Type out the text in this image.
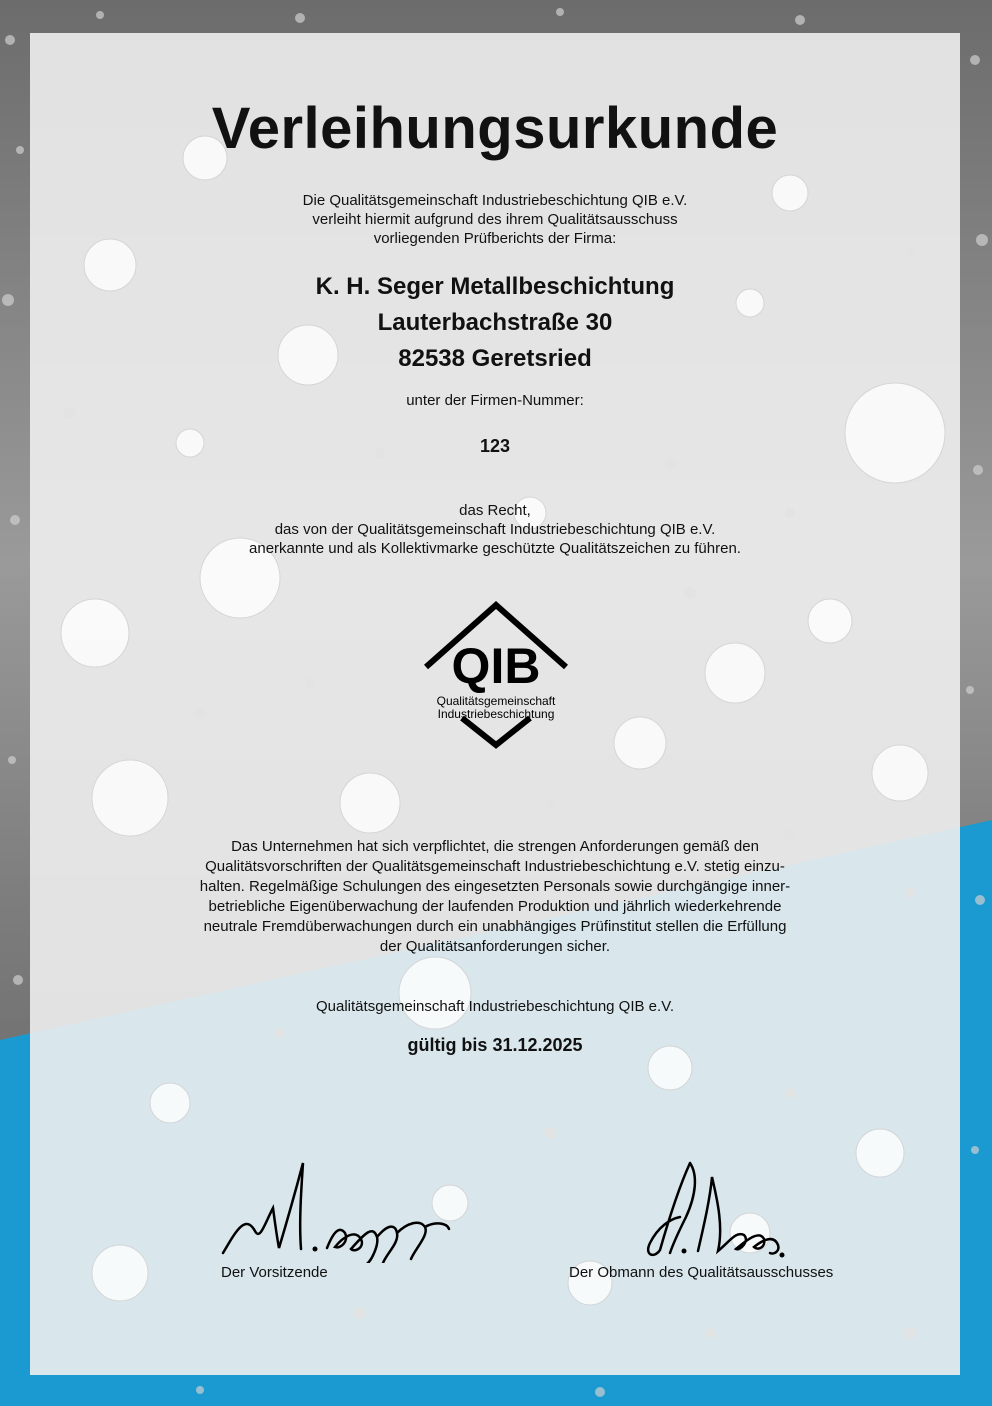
Verleihungsurkunde
Die Qualitätsgemeinschaft Industriebeschichtung QIB e.V.
verleiht hiermit aufgrund des ihrem Qualitätsausschuss
vorliegenden Prüfberichts der Firma:
K. H. Seger Metallbeschichtung
Lauterbachstraße 30
82538 Geretsried
unter der Firmen-Nummer:
123
das Recht,
das von der Qualitätsgemeinschaft Industriebeschichtung QIB e.V.
anerkannte und als Kollektivmarke geschützte Qualitätszeichen zu führen.
QIB
Qualitätsgemeinschaft
Industriebeschichtung
Das Unternehmen hat sich verpflichtet, die strengen Anforderungen gemäß den
Qualitätsvorschriften der Qualitätsgemeinschaft Industriebeschichtung e.V. stetig einzu-
halten. Regelmäßige Schulungen des eingesetzten Personals sowie durchgängige inner-
betriebliche Eigenüberwachung der laufenden Produktion und jährlich wiederkehrende
neutrale Fremdüberwachungen durch ein unabhängiges Prüfinstitut stellen die Erfüllung
der Qualitätsanforderungen sicher.
Qualitätsgemeinschaft Industriebeschichtung QIB e.V.
gültig bis 31.12.2025
Der Vorsitzende	Der Obmann des Qualitätsausschusses
